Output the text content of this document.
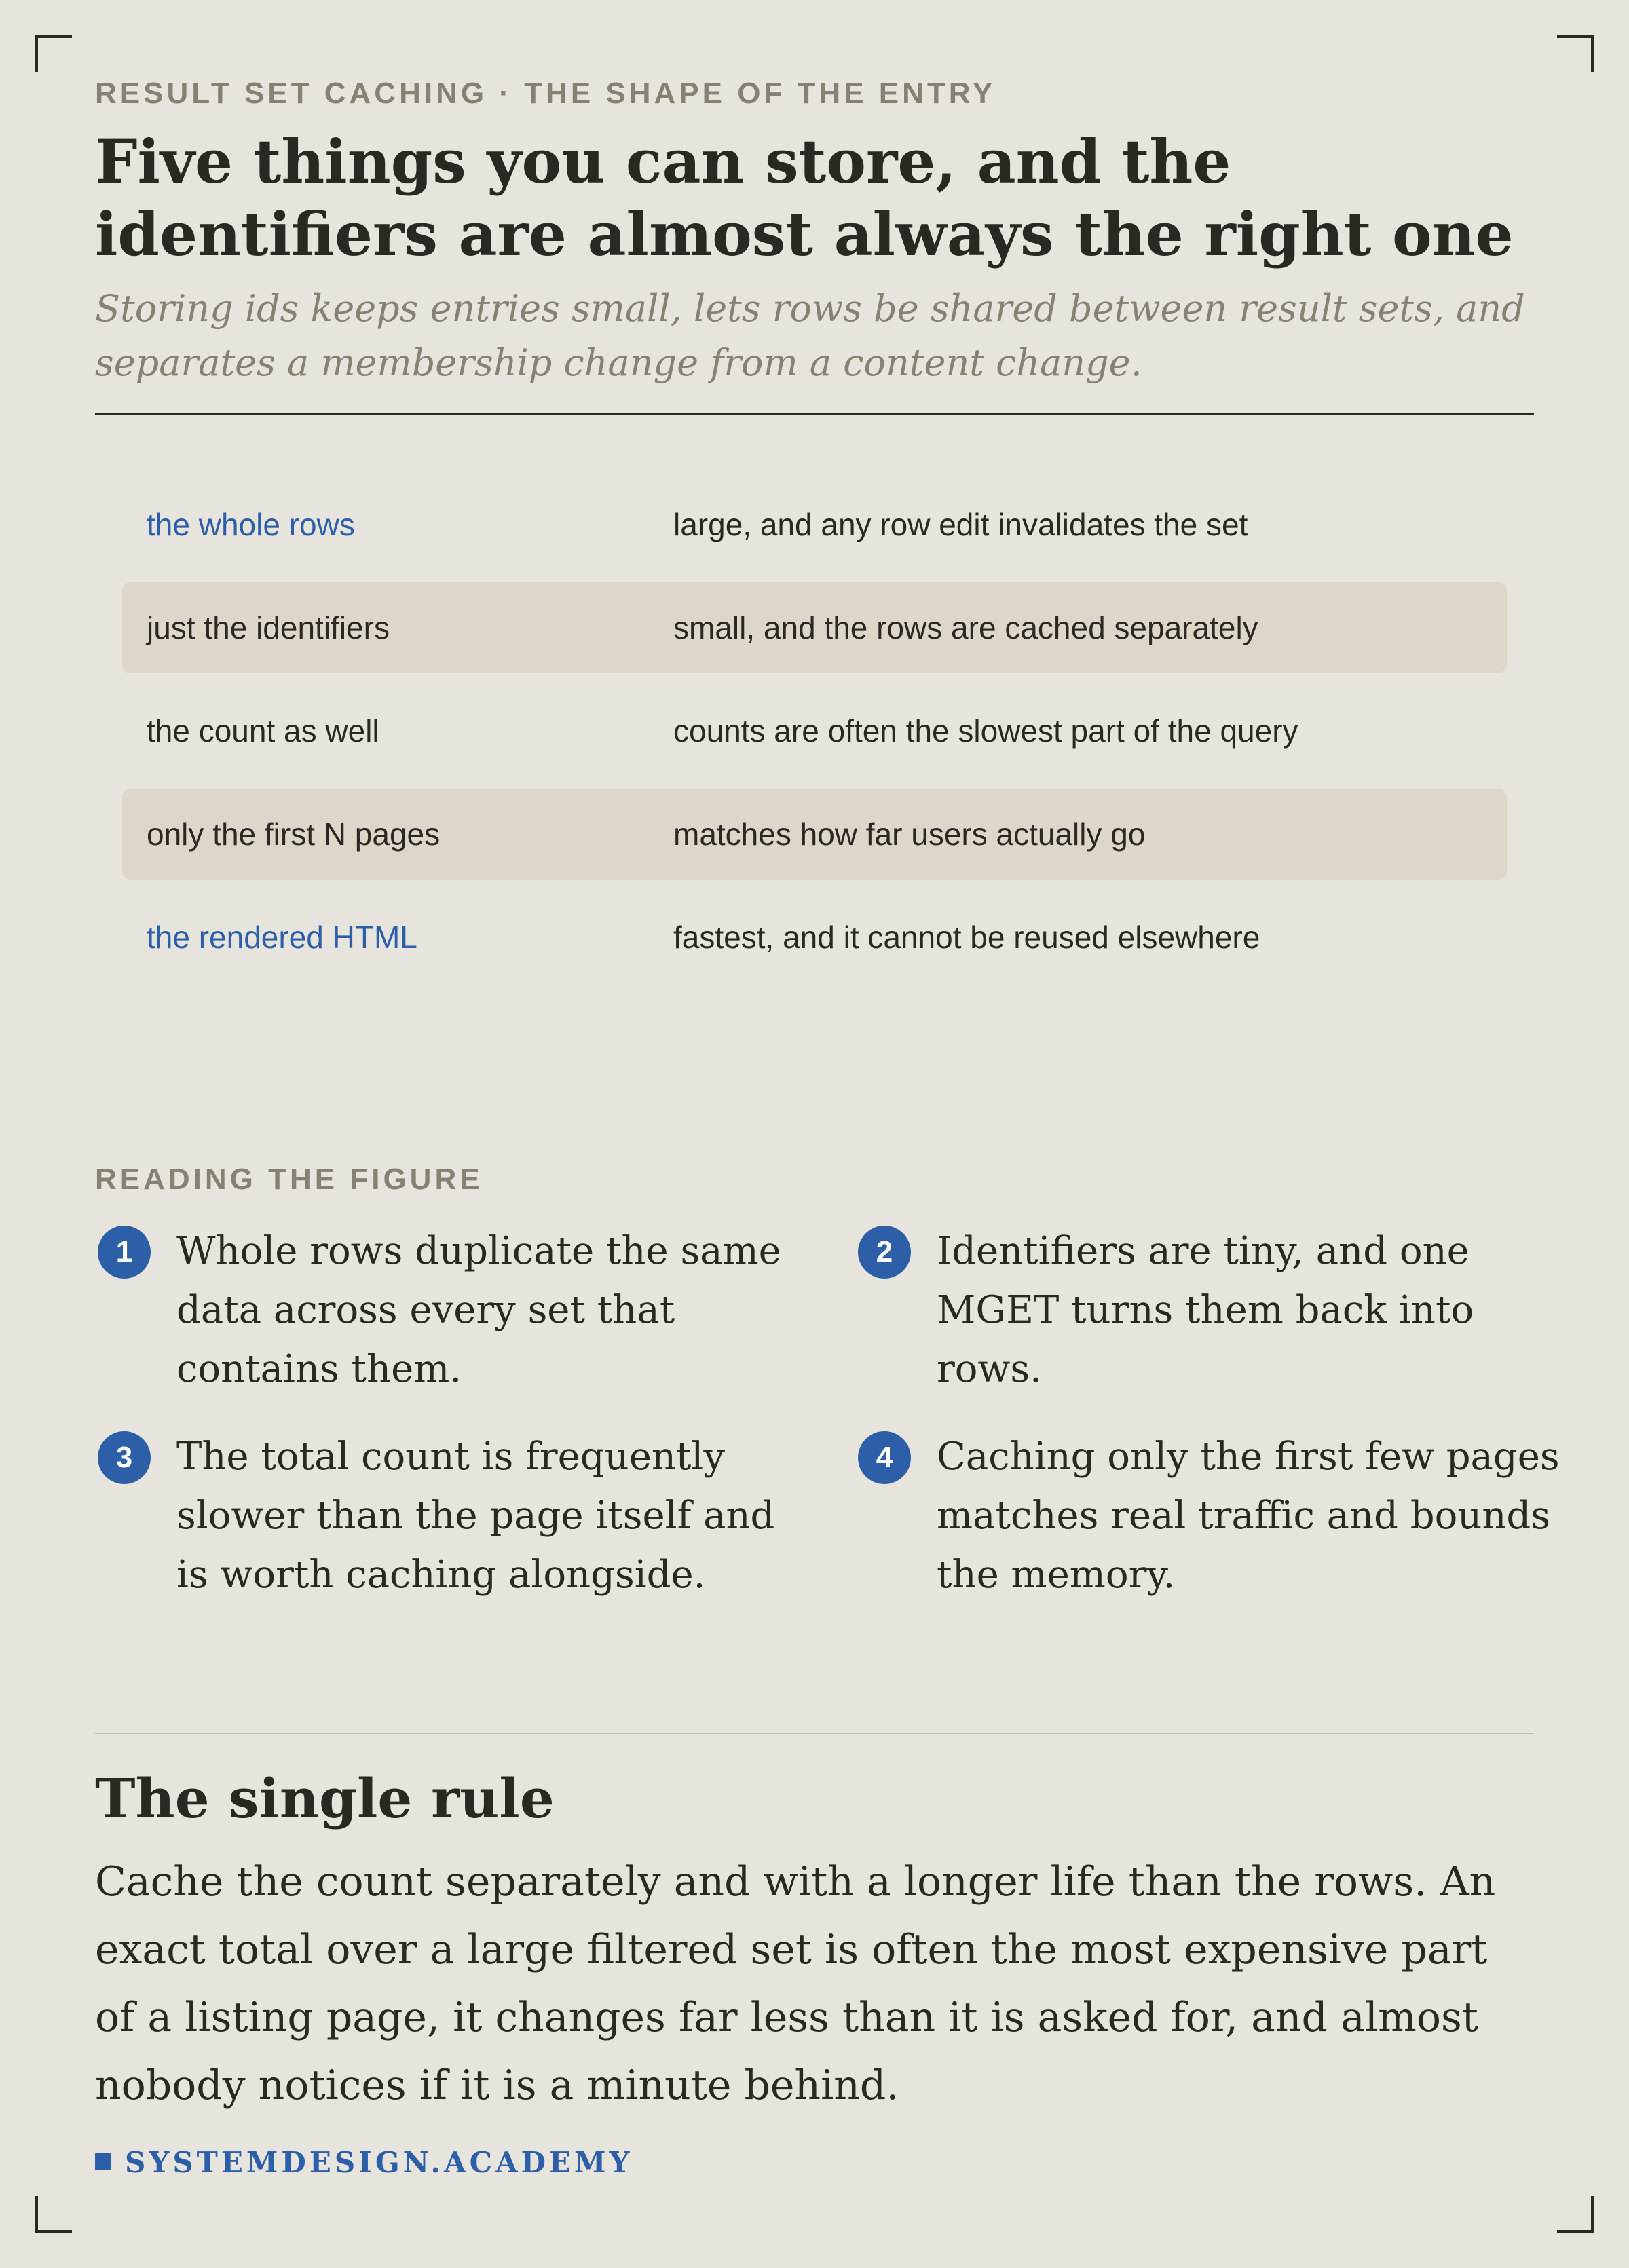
RESULT SET CACHING · THE SHAPE OF THE ENTRY
Five things you can store, and the identifiers are almost always the right one

Storing ids keeps entries small, lets rows be shared between result sets, and separates a membership change from a content change.

the whole rows	large, and any row edit invalidates the set
just the identifiers	small, and the rows are cached separately
the count as well	counts are often the slowest part of the query
only the first N pages	matches how far users actually go
the rendered HTML	fastest, and it cannot be reused elsewhere
READING THE FIGURE
1	Whole rows duplicate the same data across every set that contains them.
2	Identifiers are tiny, and one MGET turns them back into rows.
3	The total count is frequently slower than the page itself and is worth caching alongside.
4	Caching only the first few pages matches real traffic and bounds the memory.
The single rule

Cache the count separately and with a longer life than the rows. An exact total over a large filtered set is often the most expensive part of a listing page, it changes far less than it is asked for, and almost nobody notices if it is a minute behind.

SYSTEMDESIGN.ACADEMY
